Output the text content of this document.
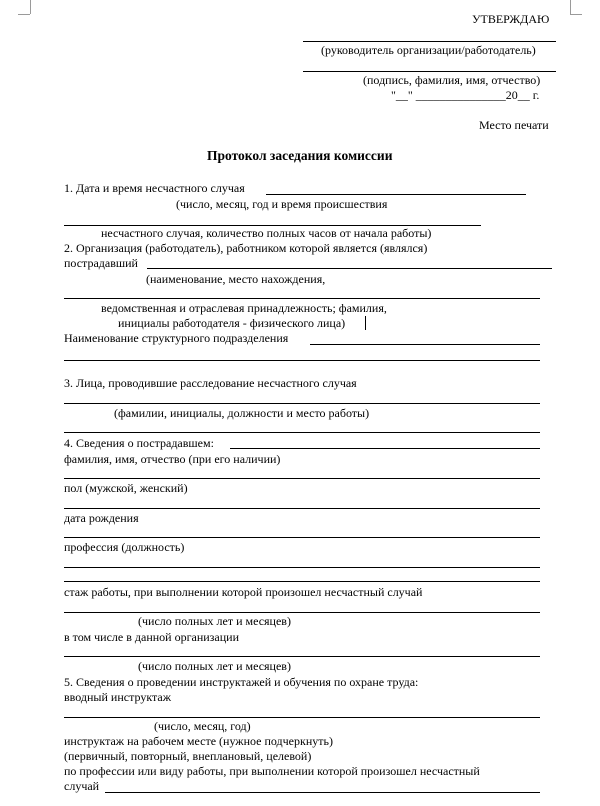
УТВЕРЖДАЮ
(руководитель организации/работодатель)
(подпись, фамилия, имя, отчество)
"__" _______________20__ г.
Место печати
Протокол заседания комиссии
1. Дата и время несчастного случая
(число, месяц, год и время происшествия
несчастного случая, количество полных часов от начала работы)
2. Организация (работодатель), работником которой является (являлся)
пострадавший
(наименование, место нахождения,
ведомственная и отраслевая принадлежность; фамилия,
инициалы работодателя - физического лица)
Наименование структурного подразделения
3. Лица, проводившие расследование несчастного случая
(фамилии, инициалы, должности и место работы)
4. Сведения о пострадавшем:
фамилия, имя, отчество (при его наличии)
пол (мужской, женский)
дата рождения
профессия (должность)
стаж работы, при выполнении которой произошел несчастный случай
(число полных лет и месяцев)
в том числе в данной организации
(число полных лет и месяцев)
5. Сведения о проведении инструктажей и обучения по охране труда:
вводный инструктаж
(число, месяц, год)
инструктаж на рабочем месте (нужное подчеркнуть)
(первичный, повторный, внеплановый, целевой)
по профессии или виду работы, при выполнении которой произошел несчастный
случай
